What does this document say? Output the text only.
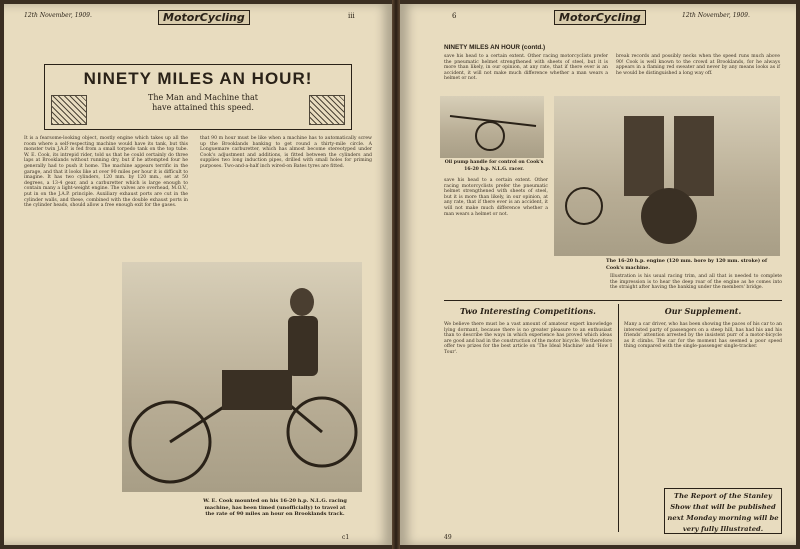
12th November, 1909.	MotorCycling	iii
NINETY MILES AN HOUR!
The Man and Machine that have attained this speed.
It is a fearsome-looking object, mostly engine which takes up all the room where a self-respecting machine would have its tank, but this monster twin J.A.P. is fed from a small torpedo tank on the top tube. W. E. Cook, its intrepid rider, told us that he could certainly do three laps at Brooklands without running dry, but if he attempted four he generally had to push it home. The machine appears terrific in the garage, and that it looks like at over 90 miles per hour it is difficult to imagine. It has two cylinders, 120 mm. by 120 mm., set at 50 degrees, a 13-4 gear, and a carburetter which is large enough to contain many a light-weight engine. The valves are overhead, M.O.V., put in on the J.A.P. principle. Auxiliary exhaust ports are cut in the cylinder walls, and these, combined with the double exhaust ports in the cylinder heads, should allow a free enough exit for the gases.
that 90 m hour must be like when a machine has to automatically screw up the Brooklands banking to get round a thirty-mile circle. A Longuemare carburetter, which has almost become stereotyped under Cook's adjustment and additions, is fitted between the cylinders and supplies two long induction pipes, drilled with small holes for priming purposes. Two-and-a-half inch wired-on Bates tyres are fitted.
W. E. Cook mounted on his 16-20 h.p. N.L.G. racing machine, has been timed (unofficially) to travel at the rate of 90 miles an hour on Brooklands track.
c1
6	MotorCycling	12th November, 1909.
NINETY MILES AN HOUR (contd.)
save his head to a certain extent. Other racing motorcyclists prefer the pneumatic helmet strengthened with sheets of steel, but it is more than likely, in our opinion, at any rate, that if there ever is an accident, it will not make much difference whether a man wears a helmet or not.
break records and possibly necks when the speed runs much above 90! Cook is well known to the crowd at Brooklands, for he always appears in a flaming red sweater and never by any means looks as if he would be distinguished a long way off.
Oil pump handle for control on Cook's 16-20 h.p. N.L.G. racer.
The 16-20 h.p. engine (120 mm. bore by 120 mm. stroke) of Cook's machine.
save his head to a certain extent. Other racing motorcyclists prefer the pneumatic helmet strengthened with sheets of steel, but it is more than likely, in our opinion, at any rate, that if there ever is an accident, it will not make much difference whether a man wears a helmet or not.
Illustration is his usual racing trim, and all that is needed to complete the impression is to hear the deep roar of the engine as he comes into the straight after having the banking under the members' bridge.
Two Interesting Competitions.
We believe there must be a vast amount of amateur expert knowledge lying dormant, because there is no greater pleasure to an enthusiast than to describe the ways in which experience has proved which ideas are good and bad in the construction of the motor bicycle. We therefore offer two prizes for the best article on 'The Ideal Machine' and 'How I Tour'.
Our Supplement.
Many a car driver, who has been showing the paces of his car to an interested party of passengers on a steep hill, has had his and his friends' attention arrested by the insistent purr of a motor-bicycle as it climbs. The car for the moment has seemed a poor speed thing compared with the single-passenger single-tracker.
The Report of the Stanley Show that will be published next Monday morning will be very fully Illustrated.
49
